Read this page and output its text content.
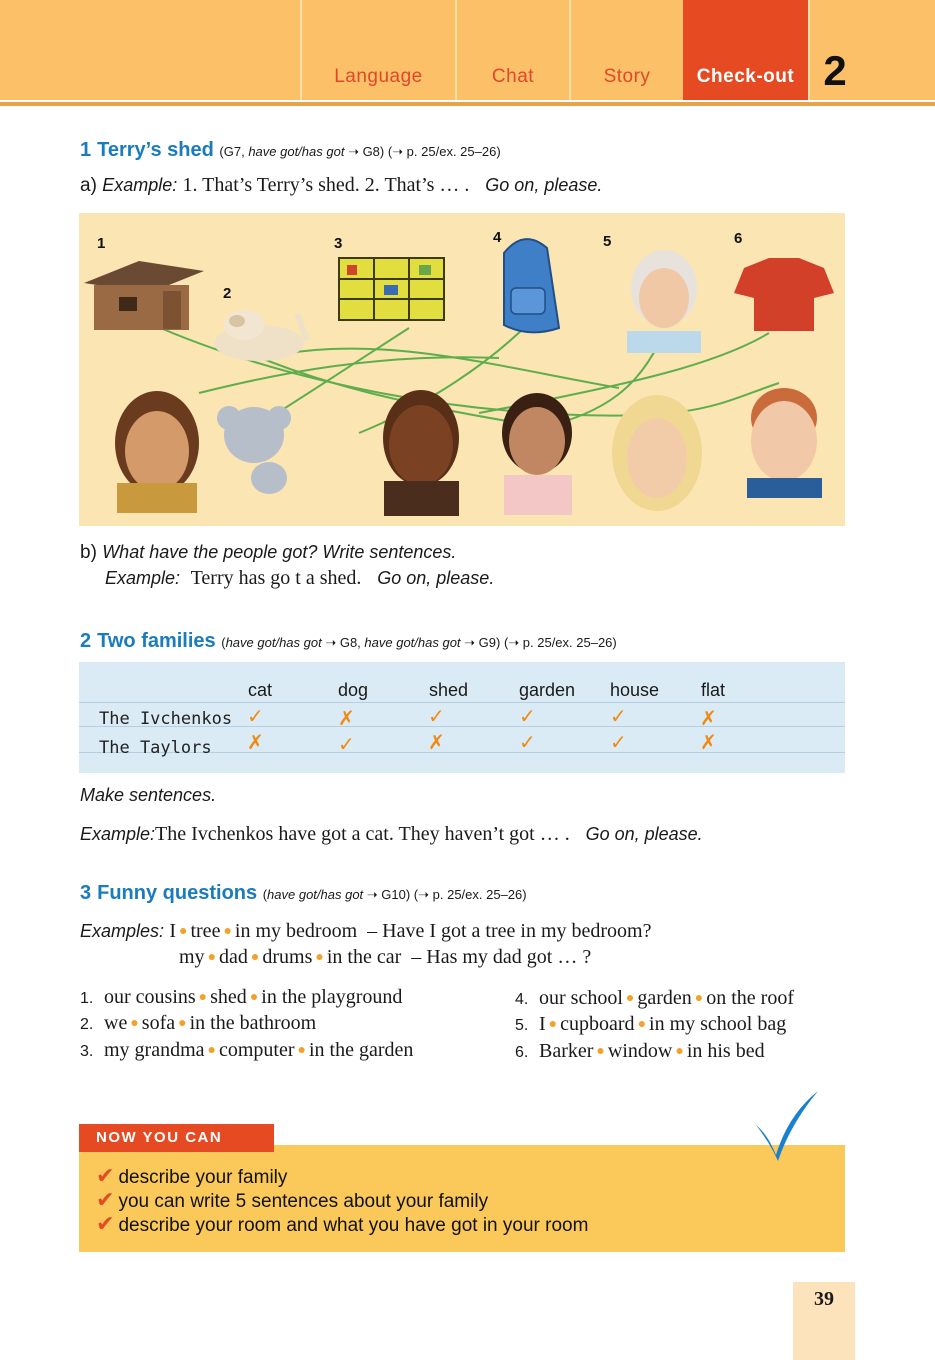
Language	Chat	Story	Check-out 2
1 Terry’s shed (G7, have got/has got ➝ G8) (➝ p. 25/ex. 25–26)
a) Example: 1. That’s Terry’s shed. 2. That’s … . Go on, please.
1
2
3	4	5	6
b) What have the people got? Write sentences.
Example: Terry has go t a shed. Go on, please.
2 Two families (have got/has got ➝ G8, have got/has got ➝ G9) (➝ p. 25/ex. 25–26)
cat	dog	shed	garden house flat
The Ivchenkos ✓	✗	✓	✓	✓	✗
The Taylors ✗	✓	✗	✓	✓	✗
Make sentences.
Example:The Ivchenkos have got a cat. They haven’t got … . Go on, please.
3 Funny questions (have got/has got ➝ G10) (➝ p. 25/ex. 25–26)
Examples: I ● tree ● in my bedroom – Have I got a tree in my bedroom?
my ● dad ● drums ● in the car – Has my dad got … ?
1. our cousins ● shed ● in the playground
2. we ● sofa ● in the bathroom
3. my grandma ● computer ● in the garden
4. our school ● garden ● on the roof
5. I ● cupboard ● in my school bag
6. Barker ● window ● in his bed
✔ describe your family
✔ you can write 5 sentences about your family
✔ describe your room and what you have got in your room
NOW YOU CAN
39
